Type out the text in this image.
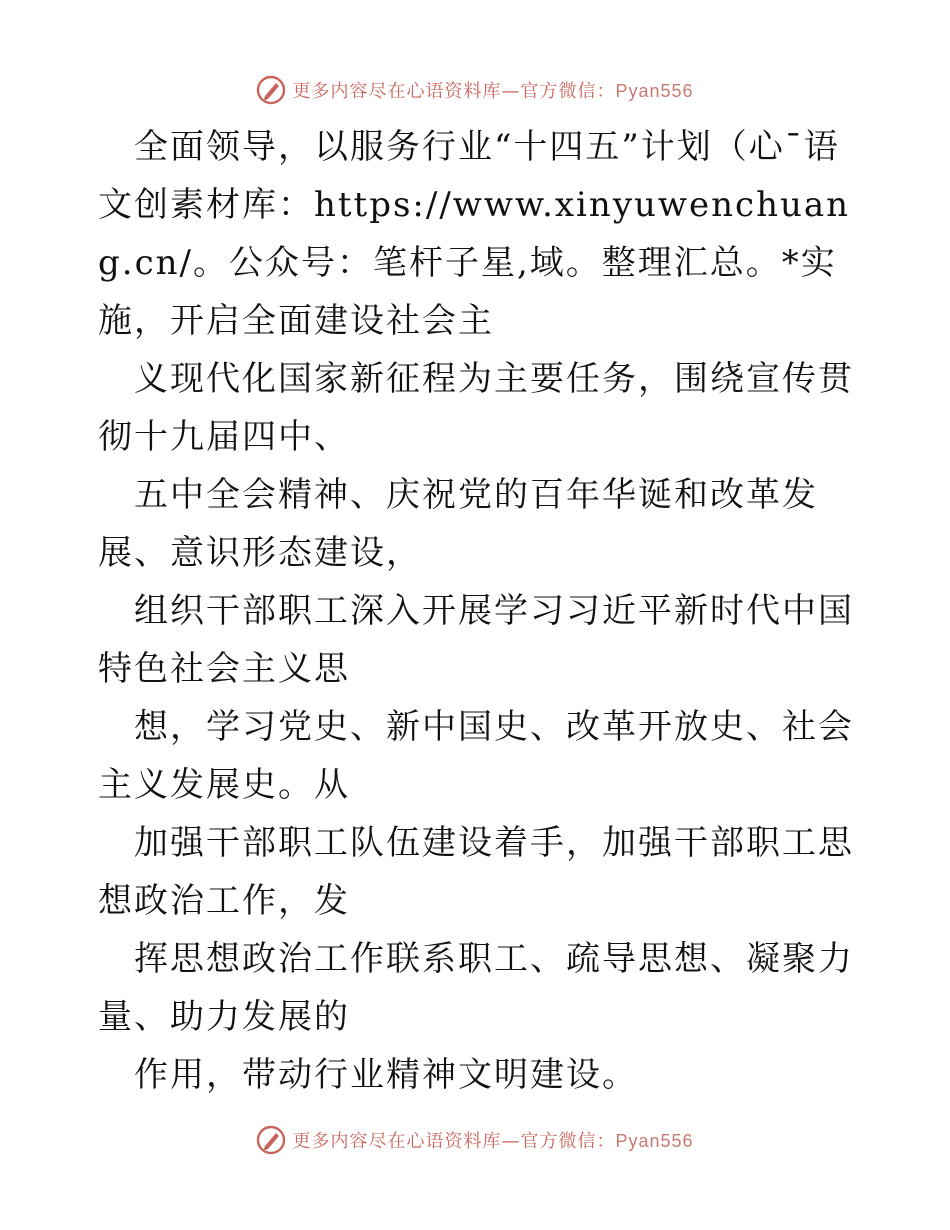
更多内容尽在心语资料库—官方微信：Pyan556

全面领导，以服务行业“十四五”计划（心¯语文创素材库：https://www.xinyuwenchuang.cn/。公众号：笔杆子星,域。整理汇总。*实施，开启全面建设社会主

义现代化国家新征程为主要任务，围绕宣传贯彻十九届四中、

五中全会精神、庆祝党的百年华诞和改革发展、意识形态建设，

组织干部职工深入开展学习习近平新时代中国特色社会主义思

想，学习党史、新中国史、改革开放史、社会主义发展史。从

加强干部职工队伍建设着手，加强干部职工思想政治工作，发

挥思想政治工作联系职工、疏导思想、凝聚力量、助力发展的

作用，带动行业精神文明建设。

更多内容尽在心语资料库—官方微信：Pyan556
